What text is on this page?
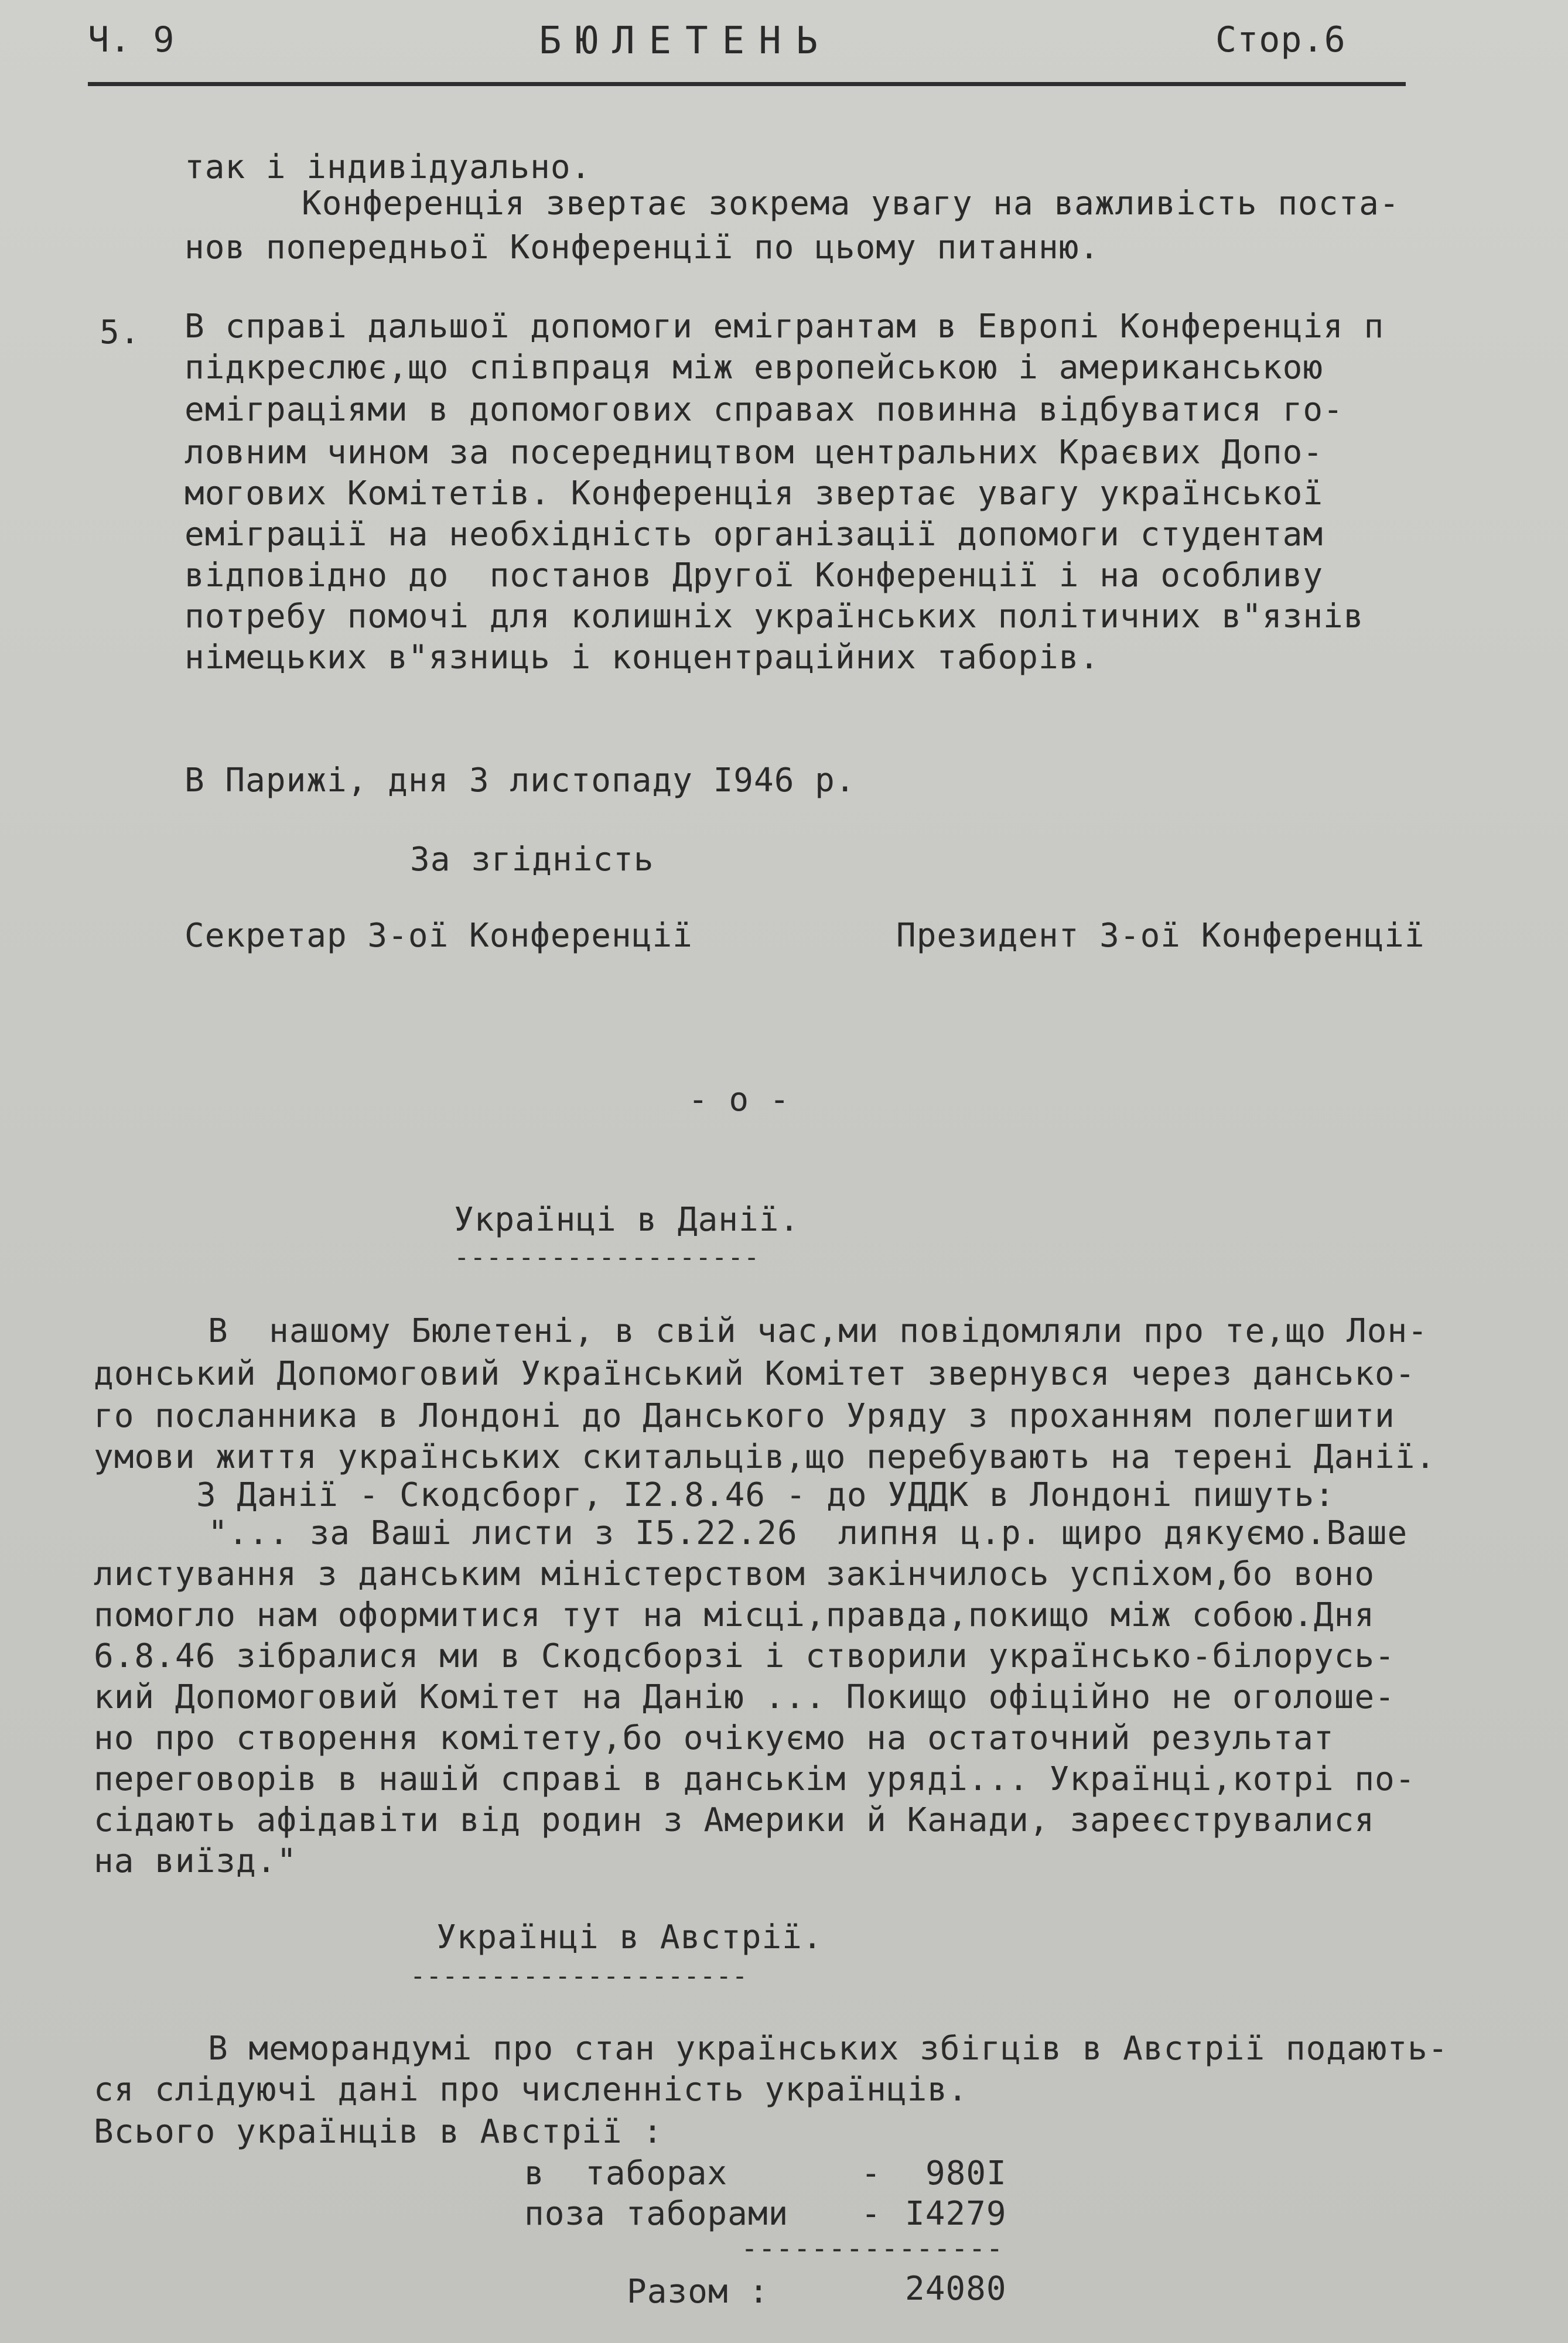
Ч. 9	БЮЛЕТЕНЬ	Стор.6
так і індивідуально.
Конференція звертає зокрема увагу на важливість поста-
нов попередньої Конференції по цьому питанню.
5. В справі дальшої допомоги емігрантам в Европі Конференція п
підкреслює,що співпраця між европейською і американською
еміграціями в допомогових справах повинна відбуватися го-
ловним чином за посередництвом центральних Краєвих Допо-
могових Комітетів. Конференція звертає увагу української
еміграції на необхідність організації допомоги студентам
відповідно до  постанов Другої Конференції і на особливу
потребу помочі для колишніх українських політичних в"язнів
німецьких в"язниць і концентраційних таборів.
В Парижі, дня 3 листопаду І946 р.
За згідність
Секретар 3-ої Конференції	Президент 3-ої Конференції
- о -
Українці в Данії.
-------------------
В  нашому Бюлетені, в свій час,ми повідомляли про те,що Лон-
донський Допомоговий Український Комітет звернувся через данськo-
го посланника в Лондоні до Данського Уряду з проханням полегшити
умови життя українських скитальців,що перебувають на терені Данії.
З Данії - Скодсборг, І2.8.46 - до УДДК в Лондоні пишуть:
"... за Ваші листи з І5.22.26  липня ц.р. щиро дякуємо.Ваше
листування з данським міністерством закінчилось успіхом,бо воно
помогло нам оформитися тут на місці,правда,покищо між собою.Дня
6.8.46 зібралися ми в Скодсборзі і створили українсько-білорусь-
кий Допомоговий Комітет на Данію ... Покищо офіційно не оголоше-
но про створення комітету,бо очікуємо на остаточний результат
переговорів в нашій справі в данськім уряді... Українці,котрі по-
сідають афідавіти від родин з Америки й Канади, зареєструвалися
на виїзд."
Українці в Австрії.
---------------------
В меморандумі про стан українських збігців в Австрії подають-
ся слідуючі дані про численність українців.
Всього українців в Австрії :
в  таборах	- 980І
поза таборами - І4279
---------------
Разом :	24080
